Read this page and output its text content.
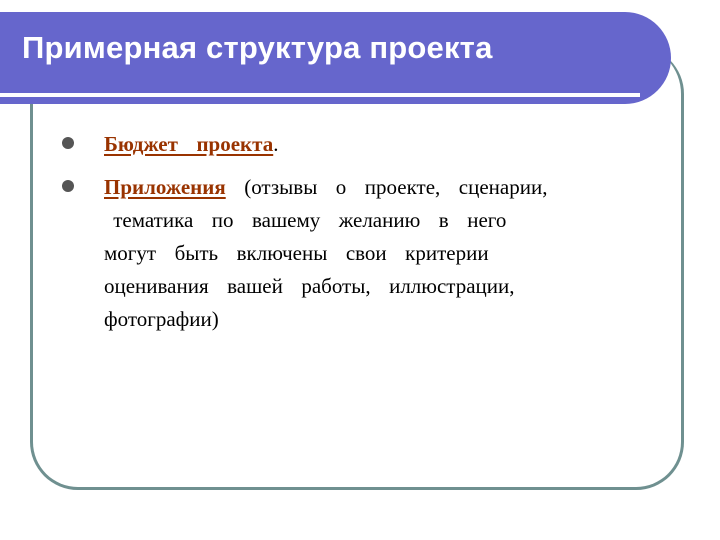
Примерная структура проекта
Бюджет  проекта.
Приложения  (отзывы  о  проекте,  сценарии,
тематика  по  вашему  желанию  в  него
могут  быть  включены  свои  критерии
оценивания  вашей  работы,  иллюстрации,
фотографии)
